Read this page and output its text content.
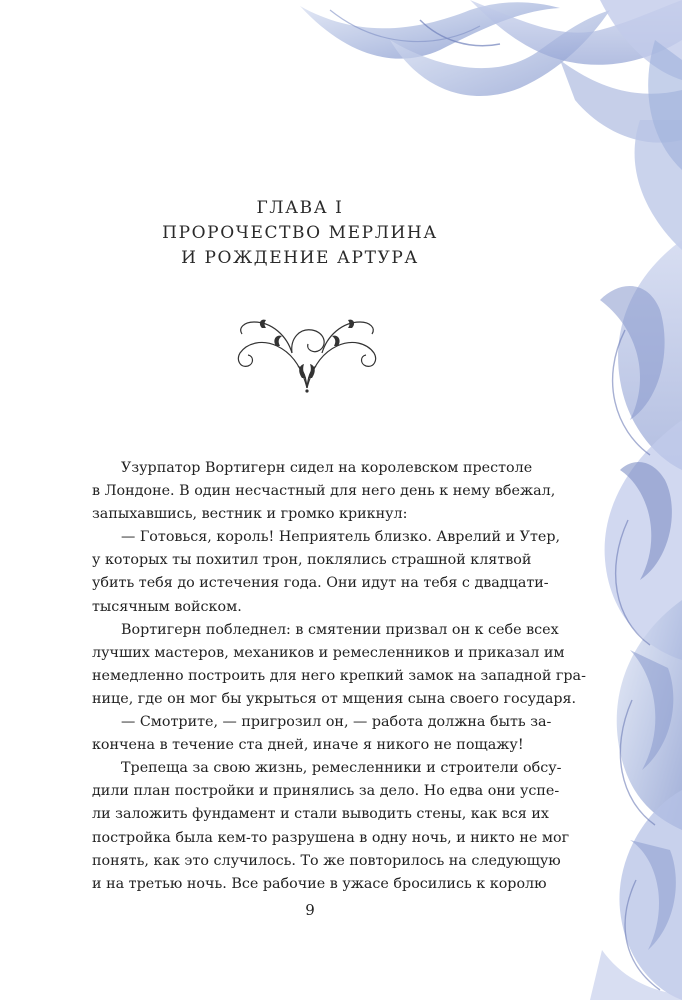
ГЛАВА I
ПРОРОЧЕСТВО МЕРЛИНА
И РОЖДЕНИЕ АРТУРА
Узурпатор Вортигерн сидел на королевском престоле
в Лондоне. В один несчастный для него день к нему вбежал,
запыхавшись, вестник и громко крикнул:
— Готовься, король! Неприятель близко. Аврелий и Утер,
у которых ты похитил трон, поклялись страшной клятвой
убить тебя до истечения года. Они идут на тебя с двадцати-
тысячным войском.
Вортигерн побледнел: в смятении призвал он к себе всех
лучших мастеров, механиков и ремесленников и приказал им
немедленно построить для него крепкий замок на западной гра-
нице, где он мог бы укрыться от мщения сына своего государя.
— Смотрите, — пригрозил он, — работа должна быть за-
кончена в течение ста дней, иначе я никого не пощажу!
Трепеща за свою жизнь, ремесленники и строители обсу-
дили план постройки и принялись за дело. Но едва они успе-
ли заложить фундамент и стали выводить стены, как вся их
постройка была кем-то разрушена в одну ночь, и никто не мог
понять, как это случилось. То же повторилось на следующую
и на третью ночь. Все рабочие в ужасе бросились к королю
9
